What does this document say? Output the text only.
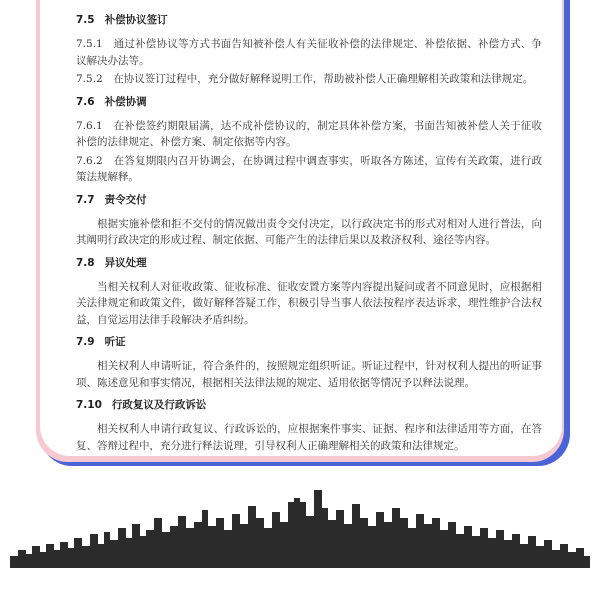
7.5 补偿协议签订

7.5.1　 通过补偿协议等方式书面告知被补偿人有关征收补偿的法律规定、补偿依据、补偿方式、争议解决办法等。

7.5.2　 在协议签订过程中，充分做好解释说明工作，帮助被补偿人正确理解相关政策和法律规定。

7.6 补偿协调

7.6.1　 在补偿签约期限届满，达不成补偿协议的，制定具体补偿方案，书面告知被补偿人关于征收补偿的法律规定、补偿方案、制定依据等内容。

7.6.2　 在答复期限内召开协调会，在协调过程中调查事实，听取各方陈述，宣传有关政策，进行政策法规解释。

7.7 责令交付

根据实施补偿和拒不交付的情况做出责令交付决定，以行政决定书的形式对相对人进行普法，向其阐明行政决定的形成过程、制定依据、可能产生的法律后果以及救济权利、途径等内容。

7.8 异议处理

当相关权利人对征收政策、征收标准、征收安置方案等内容提出疑问或者不同意见时，应根据相关法律规定和政策文件，做好解释答疑工作，积极引导当事人依法按程序表达诉求，理性维护合法权益，自觉运用法律手段解决矛盾纠纷。

7.9 听证

相关权利人申请听证，符合条件的，按照规定组织听证。听证过程中，针对权利人提出的听证事项、陈述意见和事实情况，根据相关法律法规的规定、适用依据等情况予以释法说理。

7.10 行政复议及行政诉讼

相关权利人申请行政复议、行政诉讼的，应根据案件事实、证据、程序和法律适用等方面，在答复、答辩过程中，充分进行释法说理，引导权利人正确理解相关的政策和法律规定。
